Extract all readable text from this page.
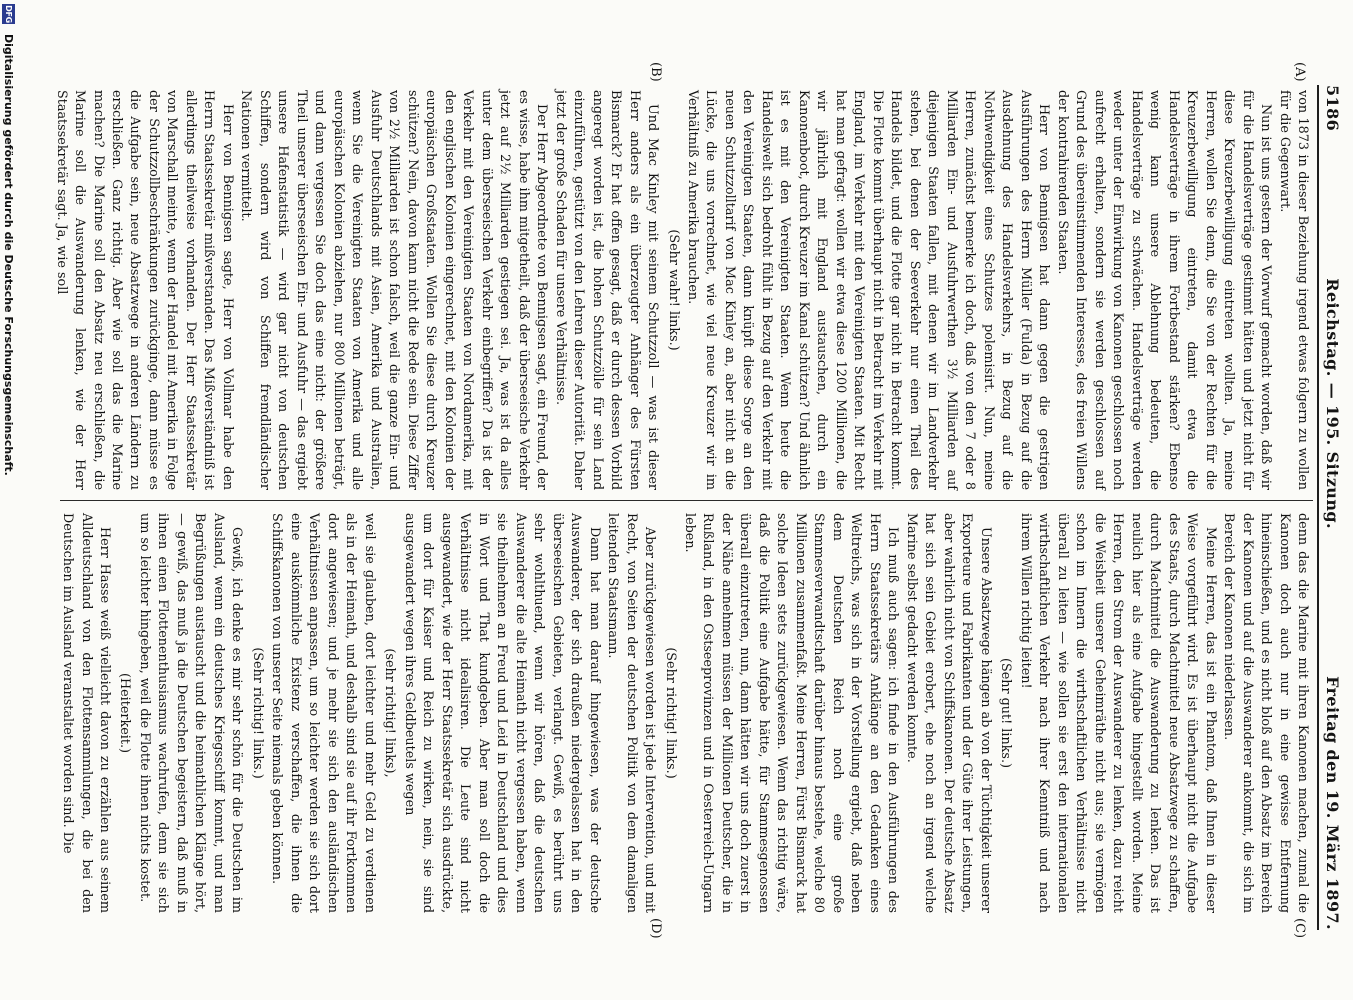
5186
Reichstag. — 195. Sitzung.
Freitag den 19. März 1897.
(A)
(B)
(C)
(D)

von 1873 in dieser Beziehung irgend etwas folgern zu wollen für die Gegenwart.

Nun ist uns gestern der Vorwurf gemacht worden, daß wir für die Handelsverträge gestimmt hätten und jetzt nicht für diese Kreuzerbewilligung eintreten wollten. Ja, meine Herren, wollen Sie denn, die Sie von der Rechten für die Kreuzerbewilligung eintreten, damit etwa die Handelsverträge in ihrem Fortbestand stärken? Ebenso wenig kann unsere Ablehnung bedeuten, die Handelsverträge zu schwächen. Handelsverträge werden weder unter der Einwirkung von Kanonen geschlossen noch aufrecht erhalten, sondern sie werden geschlossen auf Grund des übereinstimmenden Interesses, des freien Willens der kontrahirenden Staaten.

Herr von Bennigsen hat dann gegen die gestrigen Ausführungen des Herrn Müller (Fulda) in Bezug auf die Ausdehnung des Handelsverkehrs, in Bezug auf die Nothwendigkeit eines Schutzes polemisirt. Nun, meine Herren, zunächst bemerke ich doch, daß von den 7 oder 8 Milliarden Ein- und Ausfuhrwerthen 3½ Milliarden auf diejenigen Staaten fallen, mit denen wir im Landverkehr stehen, bei denen der Seeverkehr nur einen Theil des Handels bildet, und die Flotte gar nicht in Betracht kommt. Die Flotte kommt überhaupt nicht in Betracht im Verkehr mit England, im Verkehr mit den Vereinigten Staaten. Mit Recht hat man gefragt: wollen wir etwa diese 1200 Millionen, die wir jährlich mit England austauschen, durch ein Kanonenboot, durch Kreuzer im Kanal schützen? Und ähnlich ist es mit den Vereinigten Staaten. Wenn heute die Handelswelt sich bedroht fühlt in Bezug auf den Verkehr mit den Vereinigten Staaten, dann knüpft diese Sorge an den neuen Schutzzolltarif von Mac Kinley an, aber nicht an die Lücke, die uns vorrechnet, wie viel neue Kreuzer wir im Verhältniß zu Amerika brauchen.

(Sehr wahr! links.)

Und Mac Kinley mit seinem Schutzzoll — was ist dieser Herr anders als ein überzeugter Anhänger des Fürsten Bismarck? Er hat offen gesagt, daß er durch dessen Vorbild angeregt worden ist, die hohen Schutzzölle für sein Land einzuführen, gestützt von den Lehren dieser Autorität. Daher jetzt der große Schaden für unsere Verhältnisse.

Der Herr Abgeordnete von Bennigsen sagt, ein Freund, der es wisse, habe ihm mitgetheilt, daß der überseeische Verkehr jetzt auf 2½ Milliarden gestiegen sei. Ja, was ist da alles unter dem überseeischen Verkehr einbegriffen? Da ist der Verkehr mit den Vereinigten Staaten von Nordamerika, mit den englischen Kolonien eingerechnet, mit den Kolonien der europäischen Großstaaten. Wollen Sie diese durch Kreuzer schützen? Nein, davon kann nicht die Rede sein. Diese Ziffer von 2½ Milliarden ist schon falsch, weil die ganze Ein- und Ausfuhr Deutschlands mit Asien, Amerika und Australien, wenn Sie die Vereinigten Staaten von Amerika und alle europäischen Kolonien abziehen, nur 800 Millionen beträgt, und dann vergessen Sie doch das eine nicht: der größere Theil unserer überseeischen Ein- und Ausfuhr — das ergiebt unsere Hafenstatistik — wird gar nicht von deutschen Schiffen, sondern wird von Schiffen fremdländischer Nationen vermittelt.

Herr von Bennigsen sagte, Herr von Vollmar habe den Herrn Staatssekretär mißverstanden. Das Mißverständniß ist allerdings theilweise vorhanden. Der Herr Staatssekretär von Marschall meinte, wenn der Handel mit Amerika in Folge der Schutzzollbeschränkungen zurückginge, dann müsse es die Aufgabe sein, neue Absatzwege in anderen Ländern zu erschließen. Ganz richtig. Aber wie soll das die Marine machen? Die Marine soll den Absatz neu erschließen, die Marine soll die Auswanderung lenken, wie der Herr Staatssekretär sagt. Ja, wie soll

denn das die Marine mit ihren Kanonen machen, zumal die Kanonen doch auch nur in eine gewisse Entfernung hineinschießen, und es nicht bloß auf den Absatz im Bereich der Kanonen und auf die Auswanderer ankommt, die sich im Bereich der Kanonen niederlassen.

Meine Herren, das ist ein Phantom, daß Ihnen in dieser Weise vorgeführt wird. Es ist überhaupt nicht die Aufgabe des Staats, durch Machtmittel neue Absatzwege zu schaffen, durch Machtmittel die Auswanderung zu lenken. Das ist neulich hier als eine Aufgabe hingestellt worden. Meine Herren, den Strom der Auswanderer zu lenken, dazu reicht die Weisheit unserer Geheimräthe nicht aus; sie vermögen schon im Innern die wirthschaftlichen Verhältnisse nicht überall zu leiten — wie sollen sie erst den internationalen wirthschaftlichen Verkehr nach ihrer Kenntniß und nach ihrem Willen richtig leiten!

(Sehr gut! links.)

Unsere Absatzwege hängen ab von der Tüchtigkeit unserer Exporteure und Fabrikanten und der Güte ihrer Leistungen, aber wahrlich nicht von Schiffskanonen. Der deutsche Absatz hat sich sein Gebiet erobert, ehe noch an irgend welche Marine selbst gedacht werden konnte.

Ich muß auch sagen: ich finde in den Ausführungen des Herrn Staatssekretärs Anklänge an den Gedanken eines Weltreichs, was sich in der Vorstellung ergiebt, daß neben dem Deutschen Reich noch eine große Stammesverwandtschaft darüber hinaus bestehe, welche 80 Millionen zusammenfaßt. Meine Herren, Fürst Bismarck hat solche Ideen stets zurückgewiesen. Wenn das richtig wäre, daß die Politik eine Aufgabe hätte, für Stammesgenossen überall einzutreten, nun, dann hätten wir uns doch zuerst in der Nähe annehmen müssen der Millionen Deutscher, die in Rußland, in den Ostseeprovinzen und in Oesterreich-Ungarn leben.

(Sehr richtig! links.)

Aber zurückgewiesen worden ist jede Intervention, und mit Recht, von Seiten der deutschen Politik von dem damaligen leitenden Staatsmann.

Dann hat man darauf hingewiesen, was der deutsche Auswanderer, der sich draußen niedergelassen hat in den überseeischen Gebieten, verlangt. Gewiß, es berührt uns sehr wohlthuend, wenn wir hören, daß die deutschen Auswanderer die alte Heimath nicht vergessen haben, wenn sie theilnehmen an Freud und Leid in Deutschland und dies in Wort und That kundgeben. Aber man soll doch die Verhältnisse nicht idealisiren. Die Leute sind nicht ausgewandert, wie der Herr Staatssekretär sich ausdrückte, um dort für Kaiser und Reich zu wirken, nein, sie sind ausgewandert wegen ihres Geldbeutels wegen

(sehr richtig! links),

weil sie glauben, dort leichter und mehr Geld zu verdienen als in der Heimath, und deshalb sind sie auf ihr Fortkommen dort angewiesen; und je mehr sie sich den ausländischen Verhältnissen anpassen, um so leichter werden sie sich dort eine auskömmliche Existenz verschaffen, die ihnen die Schiffskanonen von unserer Seite niemals geben können.

(Sehr richtig! links.)

Gewiß, ich denke es mir sehr schön für die Deutschen im Ausland, wenn ein deutsches Kriegsschiff kommt, und man Begrüßungen austauscht und die heimathlichen Klänge hört, — gewiß, das muß ja die Deutschen begeistern, daß muß in ihnen einen Flottenenthusiasmus wachrufen, denn sie sich um so leichter hingeben, weil die Flotte ihnen nichts kostet.

(Heiterkeit.)

Herr Hasse weiß vielleicht davon zu erzählen aus seinem Alldeutschland von den Flottensammlungen, die bei den Deutschen im Ausland veranstaltet worden sind. Die

DFG
Digitalisierung gefördert durch die Deutsche Forschungsgemeinschaft.
